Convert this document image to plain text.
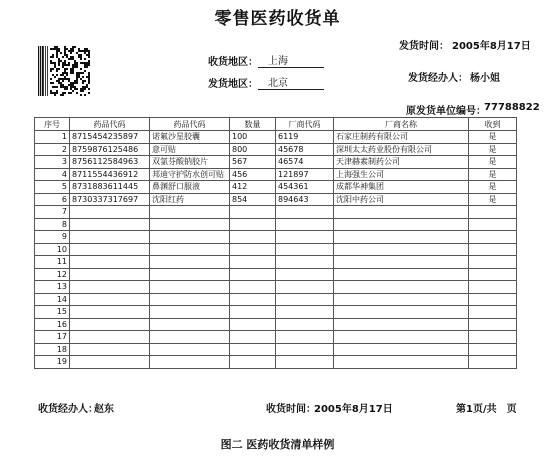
零售医药收货单
发货时间： 2005年8月17日
收货地区：	上海
发货地区：	北京	发货经办人： 杨小姐
原发货单位编号：
77788822
序号	药品代码	药品代码	数量	厂商代码	厂商名称	收到
1	8715454235897	诺氟沙星胶囊	100	6119	石家庄制药有限公司	是
2	8759876125486	意可贴	800	45678	深圳太太药业股份有限公司	是
3	8756112584963	双氯芬酸钠胶片	567	46574	天津赫素制药公司	是
4	8711554436912	邦迪守护防水创可贴	456	121897	上海强生公司	是
5	8731883611445	鼻渊舒口服液	412	454361	成都华神集团	是
6	8730337317697	沈阳红药	854	894643	沈阳中药公司	是
7						
8						
9						
10						
11						
12						
13						
14						
15						
16						
17						
18						
19						
收货经办人：
赵东	收货时间：
2005年8月17日	第1页/共　页
图二 医药收货清单样例
